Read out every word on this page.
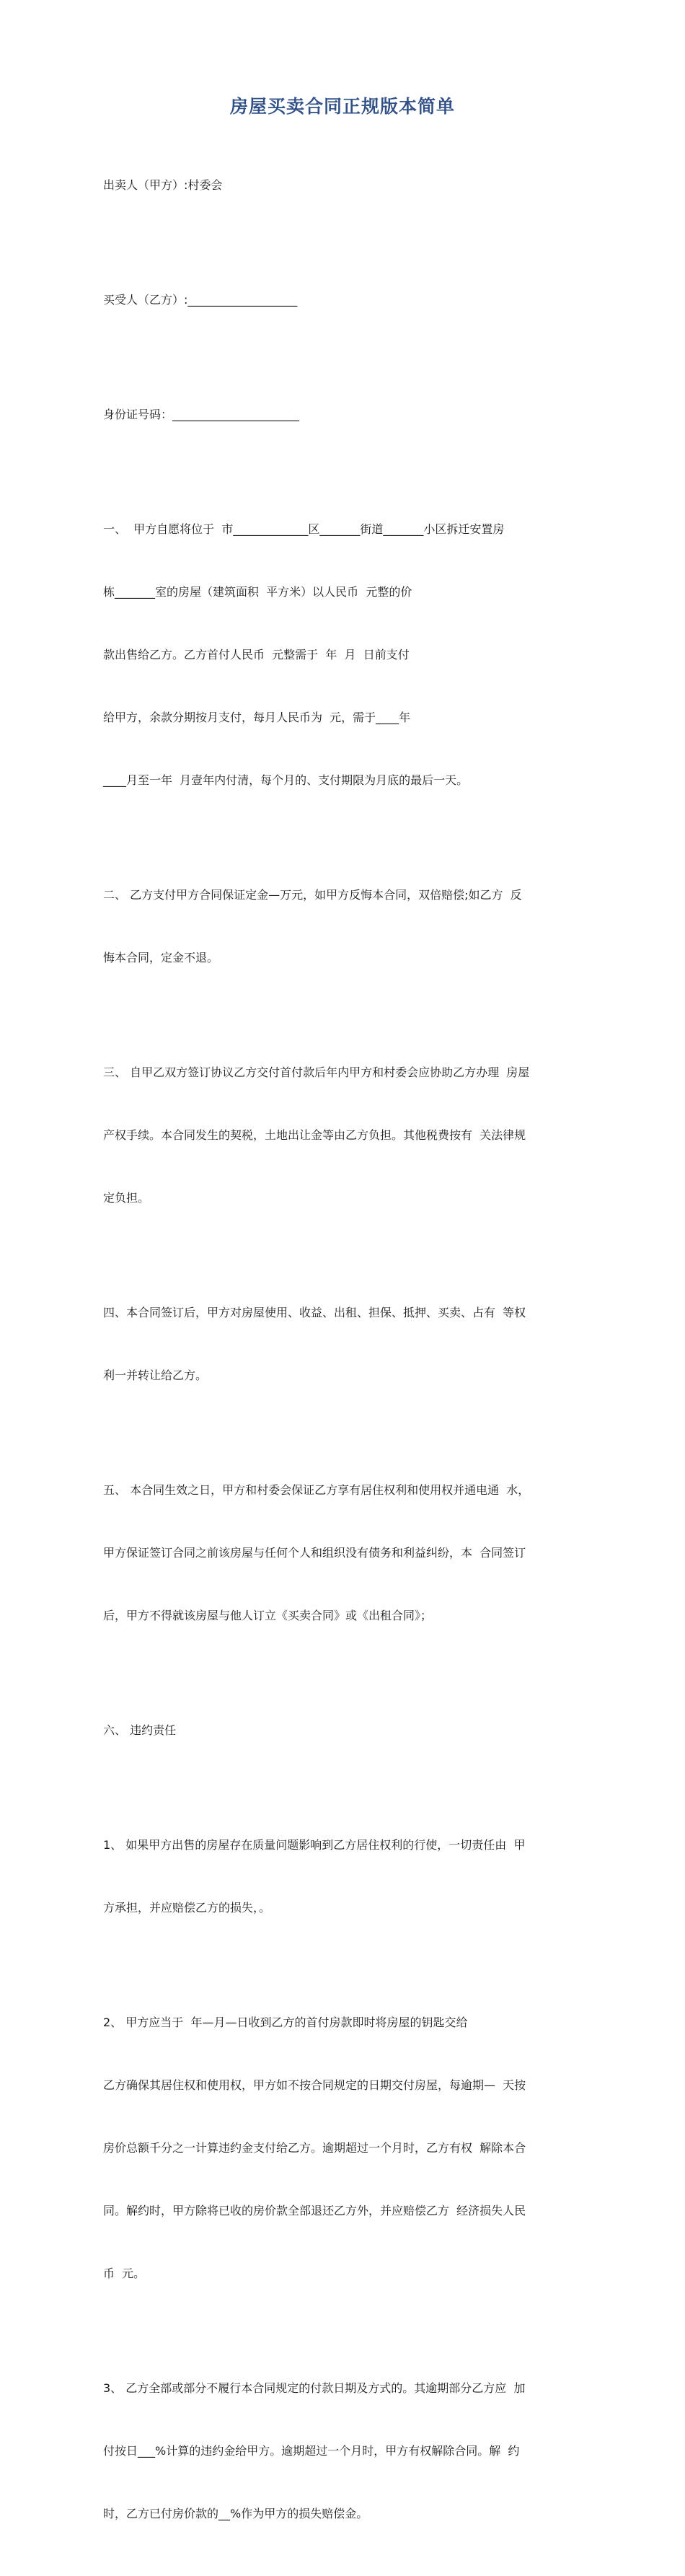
房屋买卖合同正规版本简单

出卖人（甲方）:村委会

买受人（乙方）:___________________

身份证号码：______________________

一、  甲方自愿将位于  市_____________区_______街道_______小区拆迁安置房

栋_______室的房屋（建筑面积  平方米）以人民币  元整的价

款出售给乙方。乙方首付人民币  元整需于  年  月  日前支付

给甲方，余款分期按月支付，每月人民币为  元，需于____年

____月至一年  月壹年内付清，每个月的、支付期限为月底的最后一天。

二、 乙方支付甲方合同保证定金—万元，如甲方反悔本合同，双倍赔偿;如乙方  反

悔本合同，定金不退。

三、 自甲乙双方签订协议乙方交付首付款后年内甲方和村委会应协助乙方办理  房屋

产权手续。本合同发生的契税，土地出让金等由乙方负担。其他税费按有  关法律规

定负担。

四、本合同签订后，甲方对房屋使用、收益、出租、担保、抵押、买卖、占有  等权

利一并转让给乙方。

五、 本合同生效之日，甲方和村委会保证乙方享有居住权利和使用权并通电通  水，

甲方保证签订合同之前该房屋与任何个人和组织没有债务和利益纠纷，本  合同签订

后，甲方不得就该房屋与他人订立《买卖合同》或《出租合同》；

六、 违约责任

1、 如果甲方出售的房屋存在质量问题影响到乙方居住权利的行使，一切责任由  甲

方承担，并应赔偿乙方的损失，。

2、 甲方应当于  年—月—日收到乙方的首付房款即时将房屋的钥匙交给

乙方确保其居住权和使用权，甲方如不按合同规定的日期交付房屋，每逾期—  天按

房价总额千分之一计算违约金支付给乙方。逾期超过一个月时，乙方有权  解除本合

同。解约时，甲方除将已收的房价款全部退还乙方外，并应赔偿乙方  经济损失人民

币  元。

3、 乙方全部或部分不履行本合同规定的付款日期及方式的。其逾期部分乙方应  加

付按日___%计算的违约金给甲方。逾期超过一个月时，甲方有权解除合同。解  约

时，乙方已付房价款的__%作为甲方的损失赔偿金。
